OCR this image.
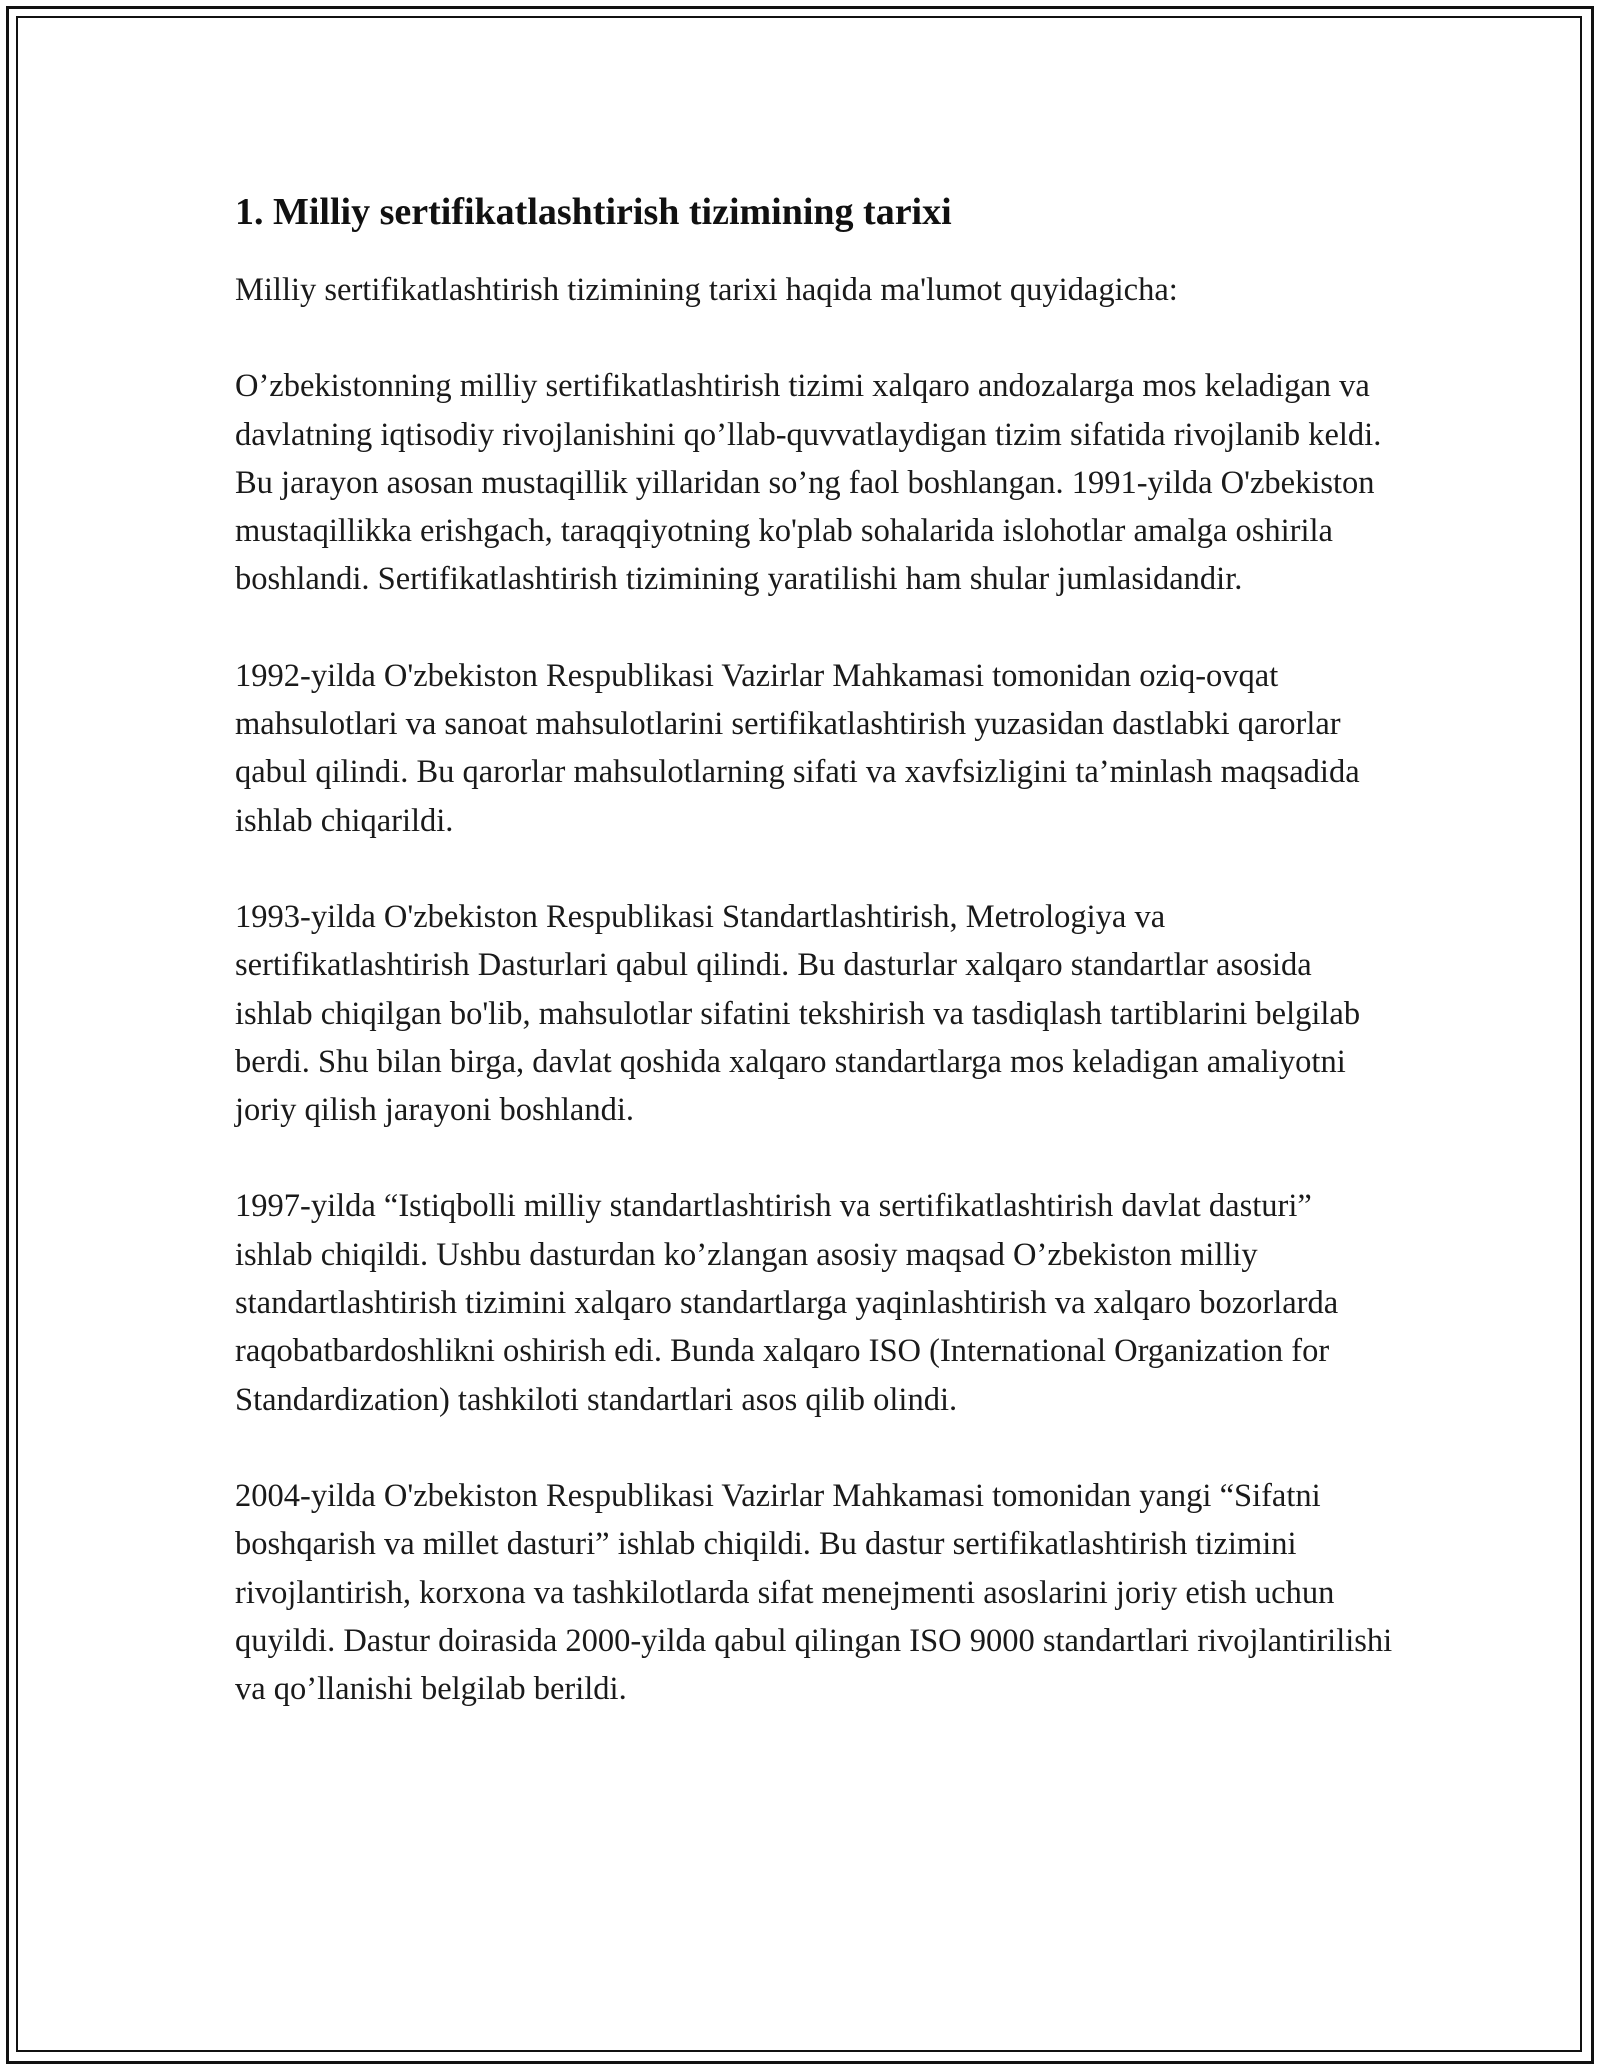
1. Milliy sertifikatlashtirish tizimining tarixi

Milliy sertifikatlashtirish tizimining tarixi haqida ma'lumot quyidagicha:

O’zbekistonning milliy sertifikatlashtirish tizimi xalqaro andozalarga mos keladigan va davlatning iqtisodiy rivojlanishini qo’llab-quvvatlaydigan tizim sifatida rivojlanib keldi. Bu jarayon asosan mustaqillik yillaridan so’ng faol boshlangan. 1991-yilda O'zbekiston mustaqillikka erishgach, taraqqiyotning ko'plab sohalarida islohotlar amalga oshirila boshlandi. Sertifikatlashtirish tizimining yaratilishi ham shular jumlasidandir.

1992-yilda O'zbekiston Respublikasi Vazirlar Mahkamasi tomonidan oziq-ovqat mahsulotlari va sanoat mahsulotlarini sertifikatlashtirish yuzasidan dastlabki qarorlar qabul qilindi. Bu qarorlar mahsulotlarning sifati va xavfsizligini ta’minlash maqsadida ishlab chiqarildi.

1993-yilda O'zbekiston Respublikasi Standartlashtirish, Metrologiya va sertifikatlashtirish Dasturlari qabul qilindi. Bu dasturlar xalqaro standartlar asosida ishlab chiqilgan bo'lib, mahsulotlar sifatini tekshirish va tasdiqlash tartiblarini belgilab berdi. Shu bilan birga, davlat qoshida xalqaro standartlarga mos keladigan amaliyotni joriy qilish jarayoni boshlandi.

1997-yilda “Istiqbolli milliy standartlashtirish va sertifikatlashtirish davlat dasturi” ishlab chiqildi. Ushbu dasturdan ko’zlangan asosiy maqsad O’zbekiston milliy standartlashtirish tizimini xalqaro standartlarga yaqinlashtirish va xalqaro bozorlarda raqobatbardoshlikni oshirish edi. Bunda xalqaro ISO (International Organization for Standardization) tashkiloti standartlari asos qilib olindi.

2004-yilda O'zbekiston Respublikasi Vazirlar Mahkamasi tomonidan yangi “Sifatni boshqarish va millet dasturi” ishlab chiqildi. Bu dastur sertifikatlashtirish tizimini rivojlantirish, korxona va tashkilotlarda sifat menejmenti asoslarini joriy etish uchun quyildi. Dastur doirasida 2000-yilda qabul qilingan ISO 9000 standartlari rivojlantirilishi va qo’llanishi belgilab berildi.
